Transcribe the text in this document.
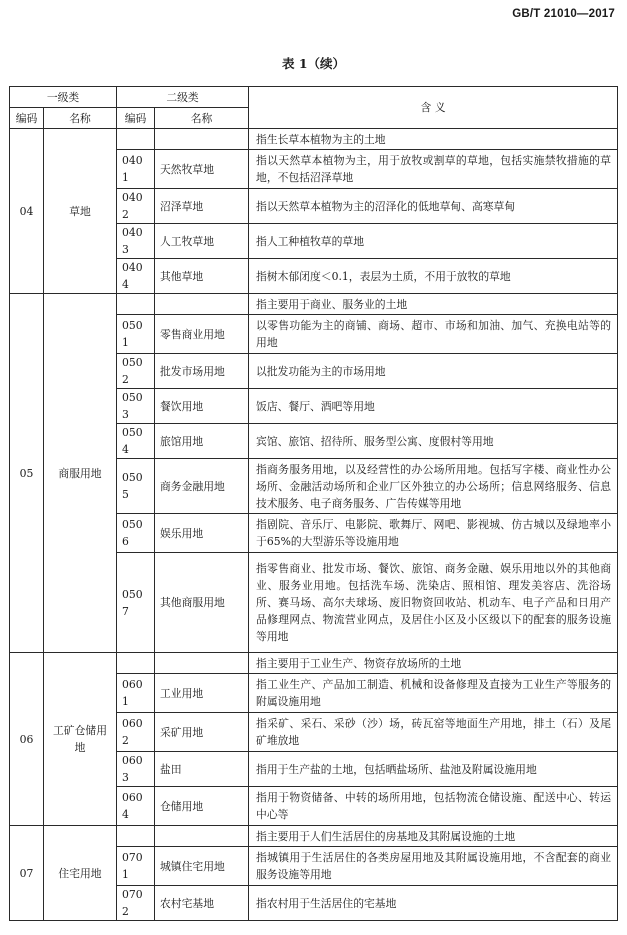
GB/T 21010—2017
表 1（续）
一级类		二级类		含 义
编码	名称	编码	名称	
04	草地			指生长草本植物为主的土地
		0401	天然牧草地	指以天然草本植物为主，用于放牧或割草的草地，包括实施禁牧措施的草地，不包括沼泽草地
		0402	沼泽草地	指以天然草本植物为主的沼泽化的低地草甸、高寒草甸
		0403	人工牧草地	指人工种植牧草的草地
		0404	其他草地	指树木郁闭度＜0.1，表层为土质，不用于放牧的草地
05	商服用地			指主要用于商业、服务业的土地
		0501	零售商业用地	以零售功能为主的商铺、商场、超市、市场和加油、加气、充换电站等的用地
		0502	批发市场用地	以批发功能为主的市场用地
		0503	餐饮用地	饭店、餐厅、酒吧等用地
		0504	旅馆用地	宾馆、旅馆、招待所、服务型公寓、度假村等用地
		0505	商务金融用地	指商务服务用地，以及经营性的办公场所用地。包括写字楼、商业性办公场所、金融活动场所和企业厂区外独立的办公场所；信息网络服务、信息技术服务、电子商务服务、广告传媒等用地
		0506	娱乐用地	指剧院、音乐厅、电影院、歌舞厅、网吧、影视城、仿古城以及绿地率小于65%的大型游乐等设施用地
		0507	其他商服用地	指零售商业、批发市场、餐饮、旅馆、商务金融、娱乐用地以外的其他商业、服务业用地。包括洗车场、洗染店、照相馆、理发美容店、洗浴场所、赛马场、高尔夫球场、废旧物资回收站、机动车、电子产品和日用产品修理网点、物流营业网点，及居住小区及小区级以下的配套的服务设施等用地
06	工矿仓储用地			指主要用于工业生产、物资存放场所的土地
		0601	工业用地	指工业生产、产品加工制造、机械和设备修理及直接为工业生产等服务的附属设施用地
		0602	采矿用地	指采矿、采石、采砂（沙）场，砖瓦窑等地面生产用地，排土（石）及尾矿堆放地
		0603	盐田	指用于生产盐的土地，包括晒盐场所、盐池及附属设施用地
		0604	仓储用地	指用于物资储备、中转的场所用地，包括物流仓储设施、配送中心、转运中心等
07	住宅用地			指主要用于人们生活居住的房基地及其附属设施的土地
		0701	城镇住宅用地	指城镇用于生活居住的各类房屋用地及其附属设施用地，不含配套的商业服务设施等用地
		0702	农村宅基地	指农村用于生活居住的宅基地
